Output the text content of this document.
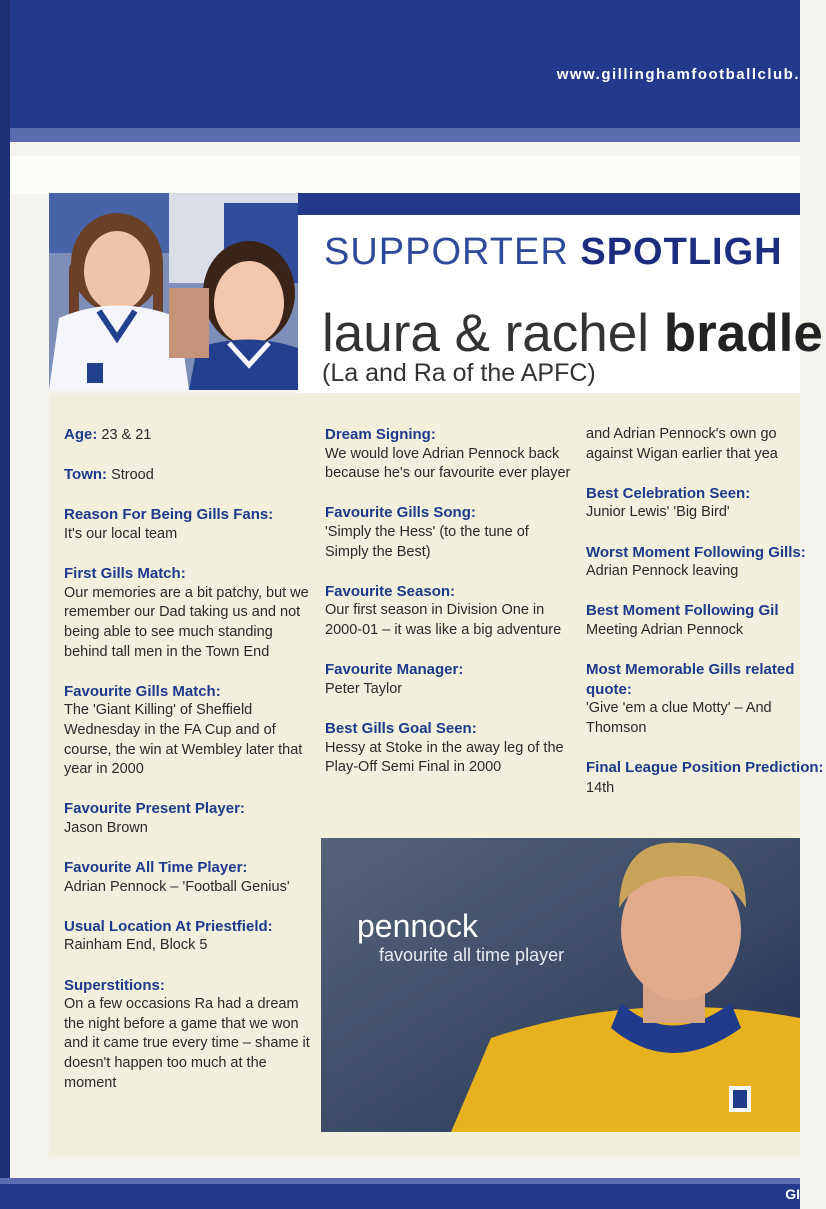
www.gillinghamfootballclub.
SUPPORTER SPOTLIGH
laura & rachel bradle
(La and Ra of the APFC)
Age: 23 & 21
Town: Strood
Reason For Being Gills Fans:
It's our local team
First Gills Match:
Our memories are a bit patchy, but we remember our Dad taking us and not being able to see much standing behind tall men in the Town End
Favourite Gills Match:
The 'Giant Killing' of Sheffield Wednesday in the FA Cup and of course, the win at Wembley later that year in 2000
Favourite Present Player:
Jason Brown
Favourite All Time Player:
Adrian Pennock – 'Football Genius'
Usual Location At Priestfield:
Rainham End, Block 5
Superstitions:
On a few occasions Ra had a dream the night before a game that we won and it came true every time – shame it doesn't happen too much at the moment
Dream Signing:
We would love Adrian Pennock back because he's our favourite ever player
Favourite Gills Song:
'Simply the Hess' (to the tune of Simply the Best)
Favourite Season:
Our first season in Division One in 2000-01 – it was like a big adventure
Favourite Manager:
Peter Taylor
Best Gills Goal Seen:
Hessy at Stoke in the away leg of the Play-Off Semi Final in 2000
and Adrian Pennock's own go against Wigan earlier that yea
Best Celebration Seen:
Junior Lewis' 'Big Bird'
Worst Moment Following Gills:
Adrian Pennock leaving
Best Moment Following Gil
Meeting Adrian Pennock
Most Memorable Gills related quote:
'Give 'em a clue Motty' – And Thomson
Final League Position Prediction: 14th
pennock
favourite all time player
GI
